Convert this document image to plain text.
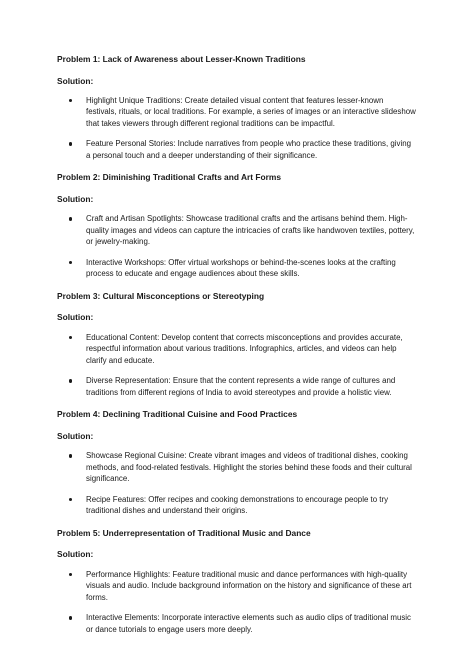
Problem 1: Lack of Awareness about Lesser-Known Traditions
Solution:
Highlight Unique Traditions: Create detailed visual content that features lesser-known festivals, rituals, or local traditions. For example, a series of images or an interactive slideshow that takes viewers through different regional traditions can be impactful.
Feature Personal Stories: Include narratives from people who practice these traditions, giving a personal touch and a deeper understanding of their significance.
Problem 2: Diminishing Traditional Crafts and Art Forms
Solution:
Craft and Artisan Spotlights: Showcase traditional crafts and the artisans behind them. High-quality images and videos can capture the intricacies of crafts like handwoven textiles, pottery, or jewelry-making.
Interactive Workshops: Offer virtual workshops or behind-the-scenes looks at the crafting process to educate and engage audiences about these skills.
Problem 3: Cultural Misconceptions or Stereotyping
Solution:
Educational Content: Develop content that corrects misconceptions and provides accurate, respectful information about various traditions. Infographics, articles, and videos can help clarify and educate.
Diverse Representation: Ensure that the content represents a wide range of cultures and traditions from different regions of India to avoid stereotypes and provide a holistic view.
Problem 4: Declining Traditional Cuisine and Food Practices
Solution:
Showcase Regional Cuisine: Create vibrant images and videos of traditional dishes, cooking methods, and food-related festivals. Highlight the stories behind these foods and their cultural significance.
Recipe Features: Offer recipes and cooking demonstrations to encourage people to try traditional dishes and understand their origins.
Problem 5: Underrepresentation of Traditional Music and Dance
Solution:
Performance Highlights: Feature traditional music and dance performances with high-quality visuals and audio. Include background information on the history and significance of these art forms.
Interactive Elements: Incorporate interactive elements such as audio clips of traditional music or dance tutorials to engage users more deeply.
